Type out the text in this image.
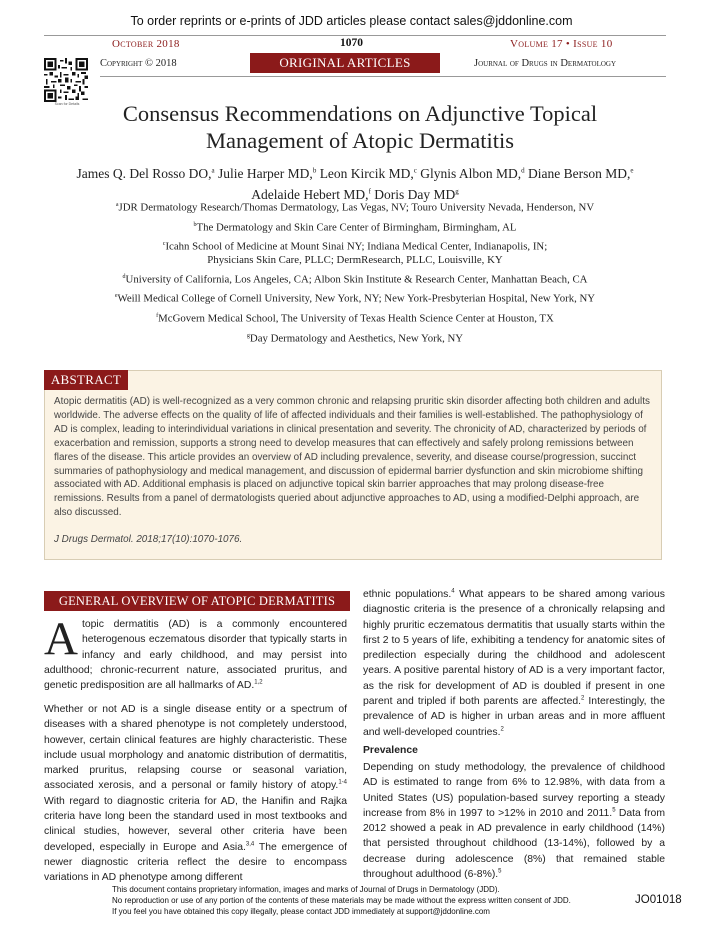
To order reprints or e-prints of JDD articles please contact sales@jddonline.com
October 2018	1070	Volume 17 • Issue 10
Scan for Details
Copyright © 2018	ORIGINAL ARTICLES	Journal of Drugs in Dermatology
Consensus Recommendations on Adjunctive Topical
Management of Atopic Dermatitis
James Q. Del Rosso DO,$^a$ Julie Harper MD,$^b$ Leon Kircik MD,$^c$ Glynis Albon MD,$^d$ Diane Berson MD,$^e$
Adelaide Hebert MD,$^f$ Doris Day $MD^g$
$^a$JDR Dermatology Research/Thomas Dermatology, Las Vegas, NV; Touro University Nevada, Henderson, NV
$^b$The Dermatology and Skin Care Center of Birmingham, Birmingham, AL
$^c$Icahn School of Medicine at Mount Sinai NY; Indiana Medical Center, Indianapolis, IN;
Physicians Skin Care, PLLC; DermResearch, PLLC, Louisville, KY
$^d$University of California, Los Angeles, CA; Albon Skin Institute & Research Center, Manhattan Beach, CA
$^e$Weill Medical College of Cornell University, New York, NY; New York-Presbyterian Hospital, New York, NY
$^f$McGovern Medical School, The University of Texas Health Science Center at Houston, TX
$^g$Day Dermatology and Aesthetics, New York, NY
ABSTRACT
Atopic dermatitis (AD) is well-recognized as a very common chronic and relapsing pruritic skin disorder affecting both children and adults worldwide. The adverse effects on the quality of life of affected individuals and their families is well-established. The pathophysiology of AD is complex, leading to interindividual variations in clinical presentation and severity. The chronicity of AD, characterized by periods of exacerbation and remission, supports a strong need to develop measures that can effectively and safely prolong remissions between flares of the disease. This article provides an overview of AD including prevalence, severity, and disease course/progression, succinct summaries of pathophysiology and medical management, and discussion of epidermal barrier dysfunction and skin microbiome shifting associated with AD. Additional emphasis is placed on adjunctive topical skin barrier approaches that may prolong disease-free remissions. Results from a panel of dermatologists queried about adjunctive approaches to AD, using a modified-Delphi approach, are also discussed.
J Drugs Dermatol. 2018;17(10):1070-1076.
GENERAL OVERVIEW OF ATOPIC DERMATITIS
A topic dermatitis (AD) is a commonly encountered heterogenous eczematous disorder that typically starts in infancy and early childhood, and may persist into adulthood; chronic-recurrent nature, associated pruritus, and genetic predisposition are all hallmarks of AD.$^{1,2}$

Whether or not AD is a single disease entity or a spectrum of diseases with a shared phenotype is not completely understood, however, certain clinical features are highly characteristic. These include usual morphology and anatomic distribution of dermatitis, marked pruritus, relapsing course or seasonal variation, associated xerosis, and a personal or family history of atopy.$^{1-4}$ With regard to diagnostic criteria for AD, the Hanifin and Rajka criteria have long been the standard used in most textbooks and clinical studies, however, several other criteria have been developed, especially in Europe and Asia.$^{3,4}$ The emergence of newer diagnostic criteria reflect the desire to encompass variations in AD phenotype among different

ethnic populations.$^4$ What appears to be shared among various diagnostic criteria is the presence of a chronically relapsing and highly pruritic eczematous dermatitis that usually starts within the first 2 to 5 years of life, exhibiting a tendency for anatomic sites of predilection especially during the childhood and adolescent years. A positive parental history of AD is a very important factor, as the risk for development of AD is doubled if present in one parent and tripled if both parents are affected.$^2$ Interestingly, the prevalence of AD is higher in urban areas and in more affluent and well-developed countries.$^2$

Prevalence

Depending on study methodology, the prevalence of childhood AD is estimated to range from 6% to 12.98%, with data from a United States (US) population-based survey reporting a steady increase from 8% in 1997 to >12% in 2010 and 2011.$^5$ Data from 2012 showed a peak in AD prevalence in early childhood (14%) that persisted throughout childhood (13-14%), followed by a decrease during adolescence (8%) that remained stable throughout adulthood (6-8%).$^5$

This document contains proprietary information, images and marks of Journal of Drugs in Dermatology (JDD).
No reproduction or use of any portion of the contents of these materials may be made without the express written consent of JDD.
If you feel you have obtained this copy illegally, please contact JDD immediately at support@jddonline.com
JO01018
